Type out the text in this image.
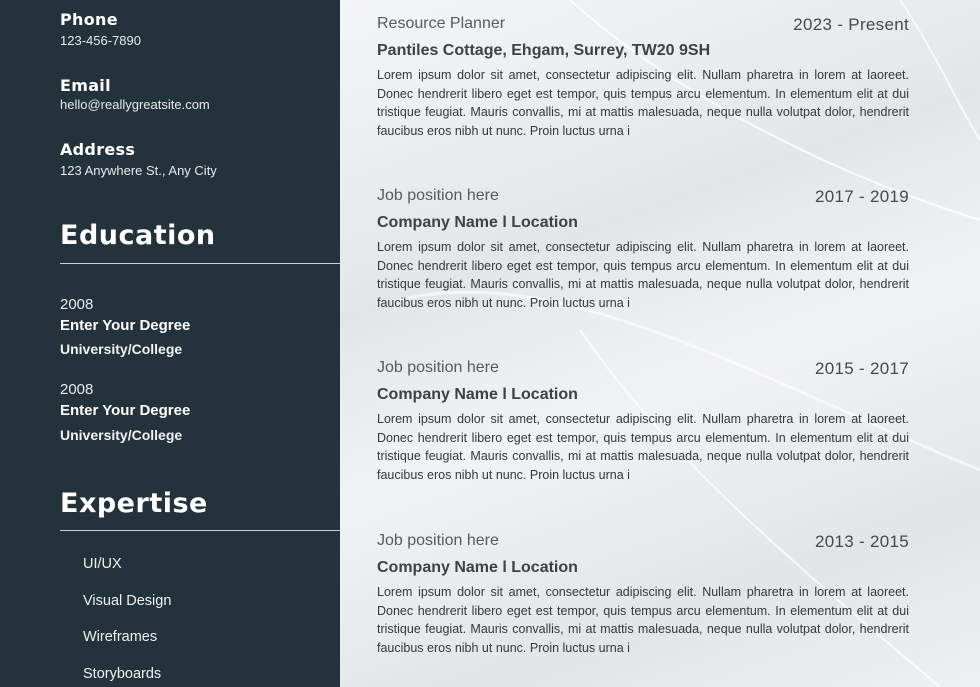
Phone
123-456-7890
Email
hello@reallygreatsite.com
Address
123 Anywhere St., Any City
Education
2008
Enter Your Degree
University/College
2008
Enter Your Degree
University/College
Expertise
UI/UX
Visual Design
Wireframes
Storyboards
Resource Planner	2023 - Present
Pantiles Cottage, Ehgam, Surrey, TW20 9SH
Lorem ipsum dolor sit amet, consectetur adipiscing elit. Nullam pharetra in lorem at laoreet. Donec hendrerit libero eget est tempor, quis tempus arcu elementum. In elementum elit at dui tristique feugiat. Mauris convallis, mi at mattis malesuada, neque nulla volutpat dolor, hendrerit faucibus eros nibh ut nunc. Proin luctus urna i
Job position here	2017 - 2019
Company Name l Location
Lorem ipsum dolor sit amet, consectetur adipiscing elit. Nullam pharetra in lorem at laoreet. Donec hendrerit libero eget est tempor, quis tempus arcu elementum. In elementum elit at dui tristique feugiat. Mauris convallis, mi at mattis malesuada, neque nulla volutpat dolor, hendrerit faucibus eros nibh ut nunc. Proin luctus urna i
Job position here	2015 - 2017
Company Name l Location
Lorem ipsum dolor sit amet, consectetur adipiscing elit. Nullam pharetra in lorem at laoreet. Donec hendrerit libero eget est tempor, quis tempus arcu elementum. In elementum elit at dui tristique feugiat. Mauris convallis, mi at mattis malesuada, neque nulla volutpat dolor, hendrerit faucibus eros nibh ut nunc. Proin luctus urna i
Job position here	2013 - 2015
Company Name l Location
Lorem ipsum dolor sit amet, consectetur adipiscing elit. Nullam pharetra in lorem at laoreet. Donec hendrerit libero eget est tempor, quis tempus arcu elementum. In elementum elit at dui tristique feugiat. Mauris convallis, mi at mattis malesuada, neque nulla volutpat dolor, hendrerit faucibus eros nibh ut nunc. Proin luctus urna i
